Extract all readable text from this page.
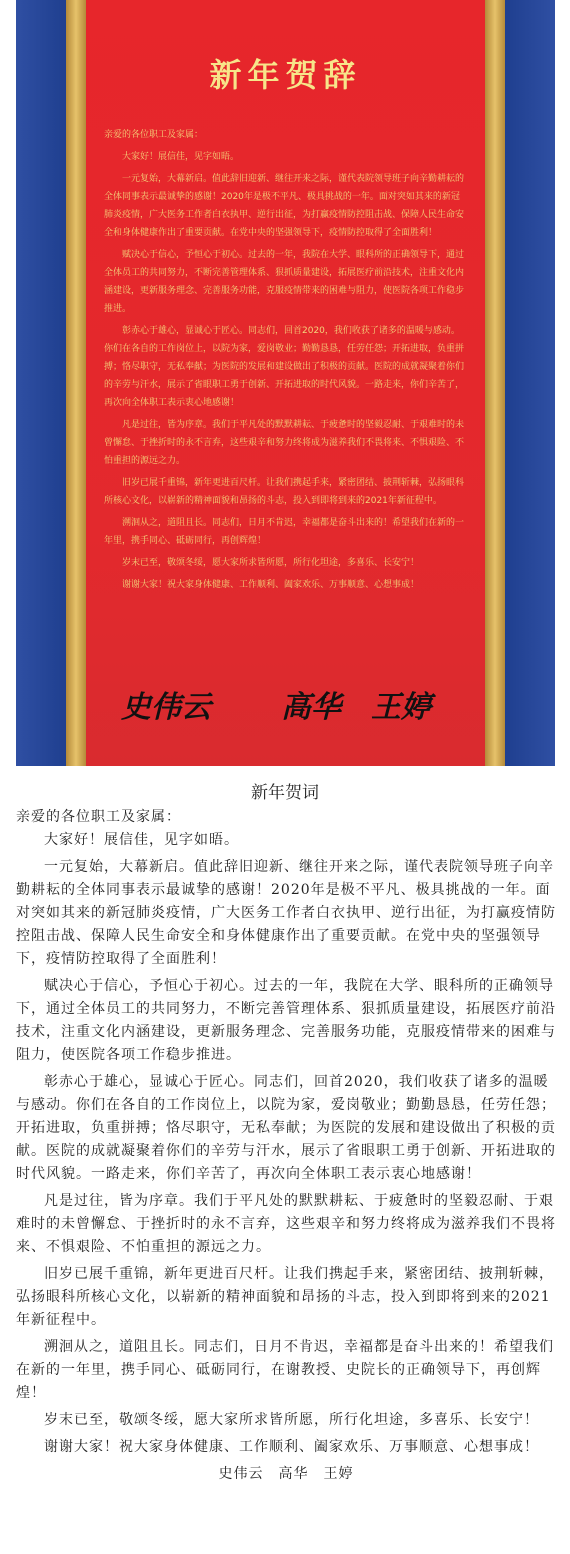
新年贺辞

亲爱的各位职工及家属：

大家好！展信佳，见字如晤。

一元复始，大幕新启。值此辞旧迎新、继往开来之际，谨代表院领导班子向辛勤耕耘的全体同事表示最诚挚的感谢！2020年是极不平凡、极具挑战的一年。面对突如其来的新冠肺炎疫情，广大医务工作者白衣执甲、逆行出征，为打赢疫情防控阻击战、保障人民生命安全和身体健康作出了重要贡献。在党中央的坚强领导下，疫情防控取得了全面胜利！

赋决心于信心，予恒心于初心。过去的一年，我院在大学、眼科所的正确领导下，通过全体员工的共同努力，不断完善管理体系、狠抓质量建设，拓展医疗前沿技术，注重文化内涵建设，更新服务理念、完善服务功能，克服疫情带来的困难与阻力，使医院各项工作稳步推进。

彰赤心于雄心，显诚心于匠心。同志们，回首2020，我们收获了诸多的温暖与感动。你们在各自的工作岗位上，以院为家，爱岗敬业；勤勤恳恳，任劳任怨；开拓进取，负重拼搏；恪尽职守，无私奉献；为医院的发展和建设做出了积极的贡献。医院的成就凝聚着你们的辛劳与汗水，展示了省眼职工勇于创新、开拓进取的时代风貌。一路走来，你们辛苦了，再次向全体职工表示衷心地感谢！

凡是过往，皆为序章。我们于平凡处的默默耕耘、于疲惫时的坚毅忍耐、于艰难时的未曾懈怠、于挫折时的永不言弃，这些艰辛和努力终将成为滋养我们不畏将来、不惧艰险、不怕重担的源远之力。

旧岁已展千重锦，新年更进百尺杆。让我们携起手来，紧密团结、披荆斩棘，弘扬眼科所核心文化，以崭新的精神面貌和昂扬的斗志，投入到即将到来的2021年新征程中。

溯洄从之，道阻且长。同志们，日月不肯迟，幸福都是奋斗出来的！希望我们在新的一年里，携手同心、砥砺同行，再创辉煌！

岁末已至，敬颂冬绥，愿大家所求皆所愿，所行化坦途，多喜乐、长安宁！

谢谢大家！祝大家身体健康、工作顺利、阖家欢乐、万事顺意、心想事成！

史伟云 高华 王婷
新年贺词

亲爱的各位职工及家属：

大家好！展信佳，见字如晤。

一元复始，大幕新启。值此辞旧迎新、继往开来之际，谨代表院领导班子向辛勤耕耘的全体同事表示最诚挚的感谢！2020年是极不平凡、极具挑战的一年。面对突如其来的新冠肺炎疫情，广大医务工作者白衣执甲、逆行出征，为打赢疫情防控阻击战、保障人民生命安全和身体健康作出了重要贡献。在党中央的坚强领导下，疫情防控取得了全面胜利！

赋决心于信心，予恒心于初心。过去的一年，我院在大学、眼科所的正确领导下，通过全体员工的共同努力，不断完善管理体系、狠抓质量建设，拓展医疗前沿技术，注重文化内涵建设，更新服务理念、完善服务功能，克服疫情带来的困难与阻力，使医院各项工作稳步推进。

彰赤心于雄心，显诚心于匠心。同志们，回首2020，我们收获了诸多的温暖与感动。你们在各自的工作岗位上，以院为家，爱岗敬业；勤勤恳恳，任劳任怨；开拓进取，负重拼搏；恪尽职守，无私奉献；为医院的发展和建设做出了积极的贡献。医院的成就凝聚着你们的辛劳与汗水，展示了省眼职工勇于创新、开拓进取的时代风貌。一路走来，你们辛苦了，再次向全体职工表示衷心地感谢！

凡是过往，皆为序章。我们于平凡处的默默耕耘、于疲惫时的坚毅忍耐、于艰难时的未曾懈怠、于挫折时的永不言弃，这些艰辛和努力终将成为滋养我们不畏将来、不惧艰险、不怕重担的源远之力。

旧岁已展千重锦，新年更进百尺杆。让我们携起手来，紧密团结、披荆斩棘，弘扬眼科所核心文化，以崭新的精神面貌和昂扬的斗志，投入到即将到来的2021年新征程中。

溯洄从之，道阻且长。同志们，日月不肯迟，幸福都是奋斗出来的！希望我们在新的一年里，携手同心、砥砺同行，在谢教授、史院长的正确领导下，再创辉煌！

岁末已至，敬颂冬绥，愿大家所求皆所愿，所行化坦途，多喜乐、长安宁！

谢谢大家！祝大家身体健康、工作顺利、阖家欢乐、万事顺意、心想事成！

史伟云　高华　王婷
